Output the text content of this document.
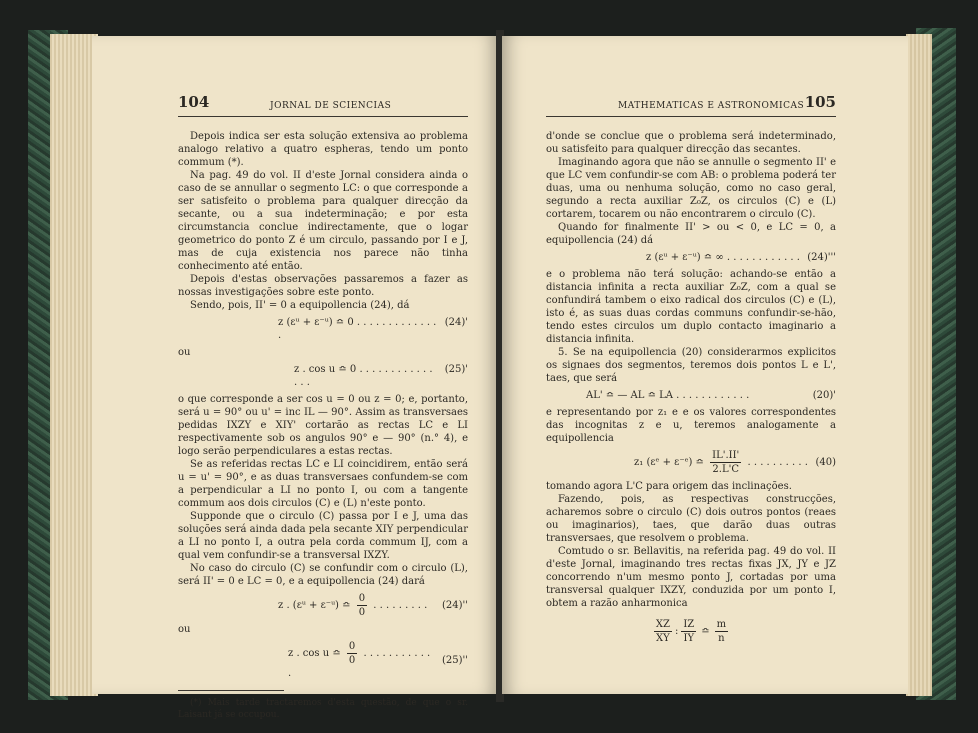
104	JORNAL DE SCIENCIAS

Depois indica ser esta solução extensiva ao problema analogo relativo a quatro espheras, tendo um ponto commum (*).

Na pag. 49 do vol. II d'este Jornal considera ainda o caso de se annullar o segmento LC: o que corresponde a ser satisfeito o problema para qualquer direcção da secante, ou a sua indeterminação; e por esta circumstancia conclue indirectamente, que o logar geometrico do ponto Z é um circulo, passando por I e J, mas de cuja existencia nos parece não tinha conhecimento até então.

Depois d'estas observações passaremos a fazer as nossas investigações sobre este ponto.

Sendo, pois, II' = 0 a equipollencia (24), dá

z (εᵘ + ε⁻ᵘ) ≏ 0 . . . . . . . . . . . . . .
(24)'

ou

z . cos u ≏ 0 . . . . . . . . . . . . . . .
(25)'

o que corresponde a ser cos u = 0 ou z = 0; e, portanto, será u = 90° ou u' = inc IL — 90°. Assim as transversaes pedidas IXZY e XIY' cortarão as rectas LC e LI respectivamente sob os angulos 90° e — 90° (n.° 4), e logo serão perpendiculares a estas rectas.

Se as referidas rectas LC e LI coincidirem, então será u = u' = 90°, e as duas transversaes confundem-se com a perpendicular a LI no ponto I, ou com a tangente commum aos dois circulos (C) e (L) n'este ponto.

Supponde que o circulo (C) passa por I e J, uma das soluções será ainda dada pela secante XIY perpendicular a LI no ponto I, a outra pela corda commum IJ, com a qual vem confundir-se a transversal IXZY.

No caso do circulo (C) se confundir com o circulo (L), será II' = 0 e LC = 0, e a equipollencia (24) dará

z . (εᵘ + ε⁻ᵘ) ≏ $\frac{0}{0}$ . . . . . . . . . (24)''

ou

z . cos u ≏ $\frac{0}{0}$ . . . . . . . . . . . .
(25)''

(*) Mais tarde tractaremos d'esta questão, de que o sr. Laisant já se occupou.

MATHEMATICAS E ASTRONOMICAS 105

d'onde se conclue que o problema será indeterminado, ou satisfeito para qualquer direcção das secantes.

Imaginando agora que não se annulle o segmento II' e que LC vem confundir-se com AB: o problema poderá ter duas, uma ou nenhuma solução, como no caso geral, segundo a recta auxiliar Z₀Z, os circulos (C) e (L) cortarem, tocarem ou não encontrarem o circulo (C).

Quando for finalmente II' > ou < 0, e LC = 0, a equipollencia (24) dá

z (εᵘ + ε⁻ᵘ) ≏ ∞ . . . . . . . . . . . . (24)'''

e o problema não terá solução: achando-se então a distancia infinita a recta auxiliar Z₀Z, com a qual se confundirá tambem o eixo radical dos circulos (C) e (L), isto é, as suas duas cordas communs confundir-se-hão, tendo estes circulos um duplo contacto imaginario a distancia infinita.

5. Se na equipollencia (20) considerarmos explicitos os signaes dos segmentos, teremos dois pontos L e L', taes, que será

AL' ≏ — AL ≏ LA . . . . . . . . . . . .	(20)'

e representando por z₁ e e os valores correspondentes das incognitas z e u, teremos analogamente a equipollencia

z₁ (εᵉ + ε⁻ᵉ) ≏ $\frac{IL'.II'}{2.L'C}$ . . . . . . . . . . (40)

tomando agora L'C para origem das inclinações.

Fazendo, pois, as respectivas construcções, acharemos sobre o circulo (C) dois outros pontos (reaes ou imaginarios), taes, que darão duas outras transversaes, que resolvem o problema.

Comtudo o sr. Bellavitis, na referida pag. 49 do vol. II d'este Jornal, imaginando tres rectas fixas JX, JY e JZ concorrendo n'um mesmo ponto J, cortadas por uma transversal qualquer IXZY, conduzida por um ponto I, obtem a razão anharmonica

$\frac{XZ}{XY}$ : $\frac{IZ}{IY}$ ≏ $\frac{m}{n}$
